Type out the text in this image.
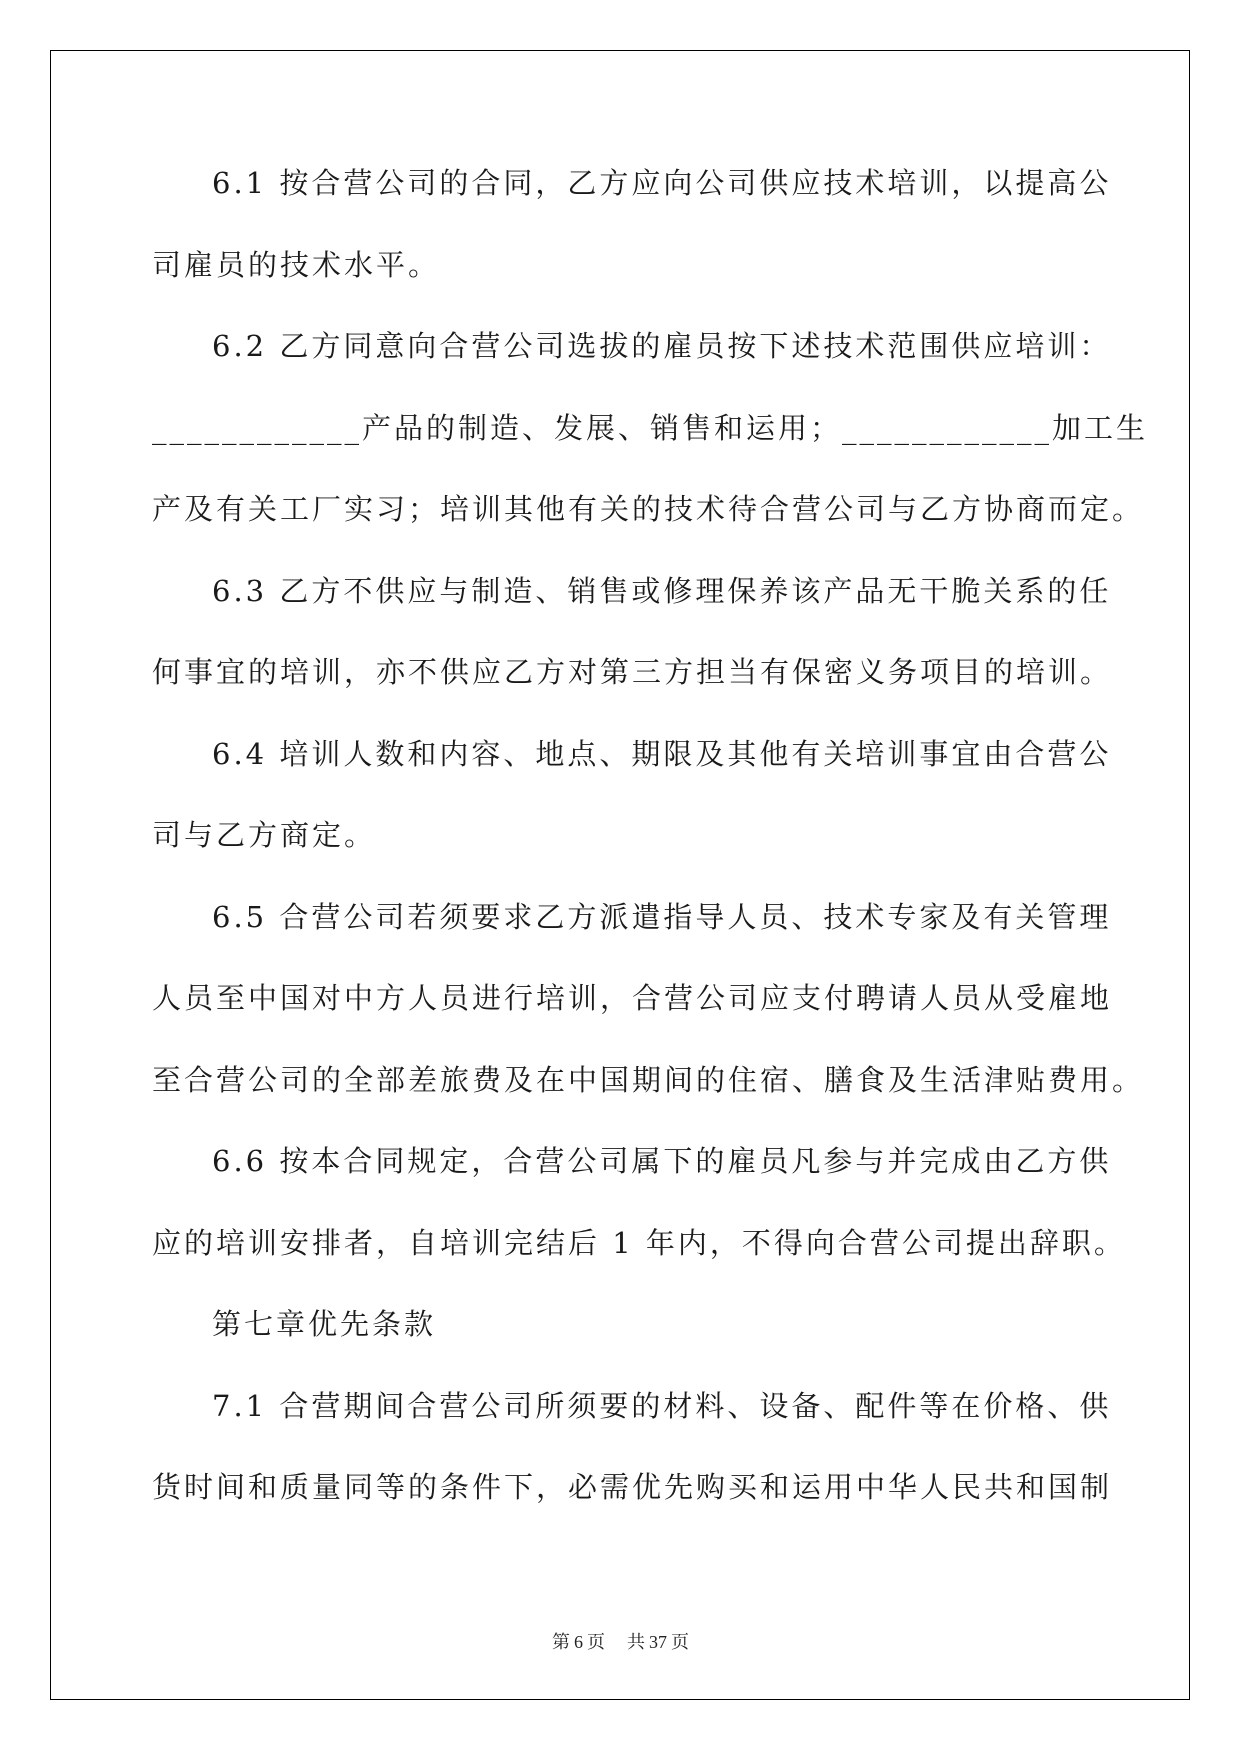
6.1 按合营公司的合同，乙方应向公司供应技术培训，以提高公
司雇员的技术水平。
6.2 乙方同意向合营公司选拔的雇员按下述技术范围供应培训：
____________产品的制造、发展、销售和运用；____________加工生
产及有关工厂实习；培训其他有关的技术待合营公司与乙方协商而定。
6.3 乙方不供应与制造、销售或修理保养该产品无干脆关系的任
何事宜的培训，亦不供应乙方对第三方担当有保密义务项目的培训。
6.4 培训人数和内容、地点、期限及其他有关培训事宜由合营公
司与乙方商定。
6.5 合营公司若须要求乙方派遣指导人员、技术专家及有关管理
人员至中国对中方人员进行培训，合营公司应支付聘请人员从受雇地
至合营公司的全部差旅费及在中国期间的住宿、膳食及生活津贴费用。
6.6 按本合同规定，合营公司属下的雇员凡参与并完成由乙方供
应的培训安排者，自培训完结后 1 年内，不得向合营公司提出辞职。
第七章优先条款
7.1 合营期间合营公司所须要的材料、设备、配件等在价格、供
货时间和质量同等的条件下，必需优先购买和运用中华人民共和国制
第 6 页 共 37 页
